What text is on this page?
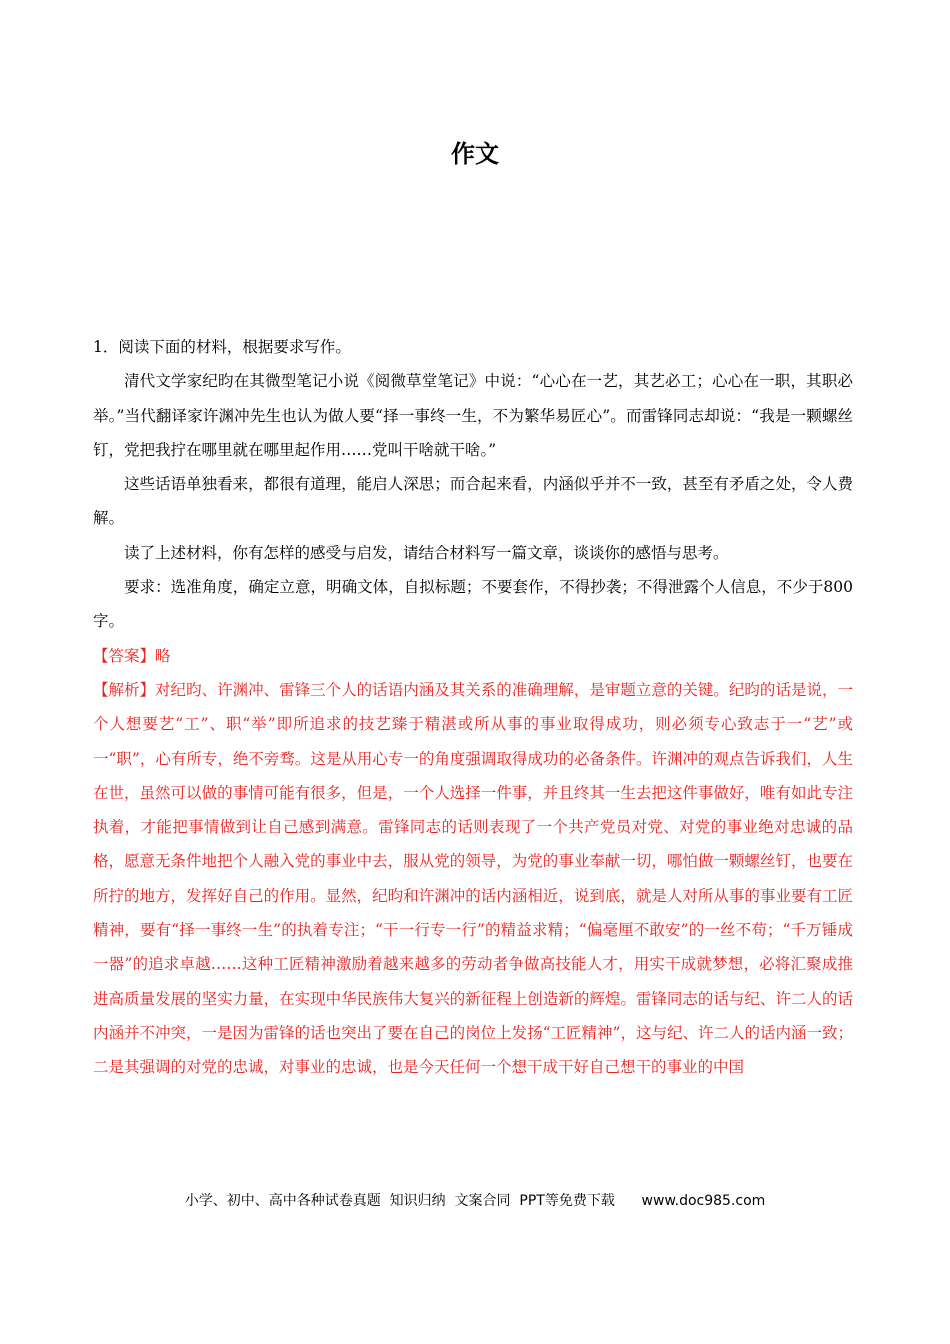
作文

1．阅读下面的材料，根据要求写作。

清代文学家纪昀在其微型笔记小说《阅微草堂笔记》中说：“心心在一艺，其艺必工；心心在一职，其职必举。”当代翻译家许渊冲先生也认为做人要“择一事终一生，不为繁华易匠心”。而雷锋同志却说：“我是一颗螺丝钉，党把我拧在哪里就在哪里起作用……党叫干啥就干啥。”

这些话语单独看来，都很有道理，能启人深思；而合起来看，内涵似乎并不一致，甚至有矛盾之处，令人费解。

读了上述材料，你有怎样的感受与启发，请结合材料写一篇文章，谈谈你的感悟与思考。

要求：选准角度，确定立意，明确文体，自拟标题；不要套作，不得抄袭；不得泄露个人信息，不少于800字。

【答案】略

【解析】对纪昀、许渊冲、雷锋三个人的话语内涵及其关系的准确理解，是审题立意的关键。纪昀的话是说，一个人想要艺“工”、职“举”即所追求的技艺臻于精湛或所从事的事业取得成功，则必须专心致志于一“艺”或一“职”，心有所专，绝不旁骛。这是从用心专一的角度强调取得成功的必备条件。许渊冲的观点告诉我们，人生在世，虽然可以做的事情可能有很多，但是，一个人选择一件事，并且终其一生去把这件事做好，唯有如此专注执着，才能把事情做到让自己感到满意。雷锋同志的话则表现了一个共产党员对党、对党的事业绝对忠诚的品格，愿意无条件地把个人融入党的事业中去，服从党的领导，为党的事业奉献一切，哪怕做一颗螺丝钉，也要在所拧的地方，发挥好自己的作用。显然，纪昀和许渊冲的话内涵相近，说到底，就是人对所从事的事业要有工匠精神，要有“择一事终一生”的执着专注；“干一行专一行”的精益求精；“偏毫厘不敢安”的一丝不苟；“千万锤成一器”的追求卓越……这种工匠精神激励着越来越多的劳动者争做高技能人才，用实干成就梦想，必将汇聚成推进高质量发展的坚实力量，在实现中华民族伟大复兴的新征程上创造新的辉煌。雷锋同志的话与纪、许二人的话内涵并不冲突，一是因为雷锋的话也突出了要在自己的岗位上发扬“工匠精神”，这与纪、许二人的话内涵一致；二是其强调的对党的忠诚，对事业的忠诚，也是今天任何一个想干成干好自己想干的事业的中国

小学、初中、高中各种试卷真题  知识归纳  文案合同  PPT等免费下载 www.doc985.com
